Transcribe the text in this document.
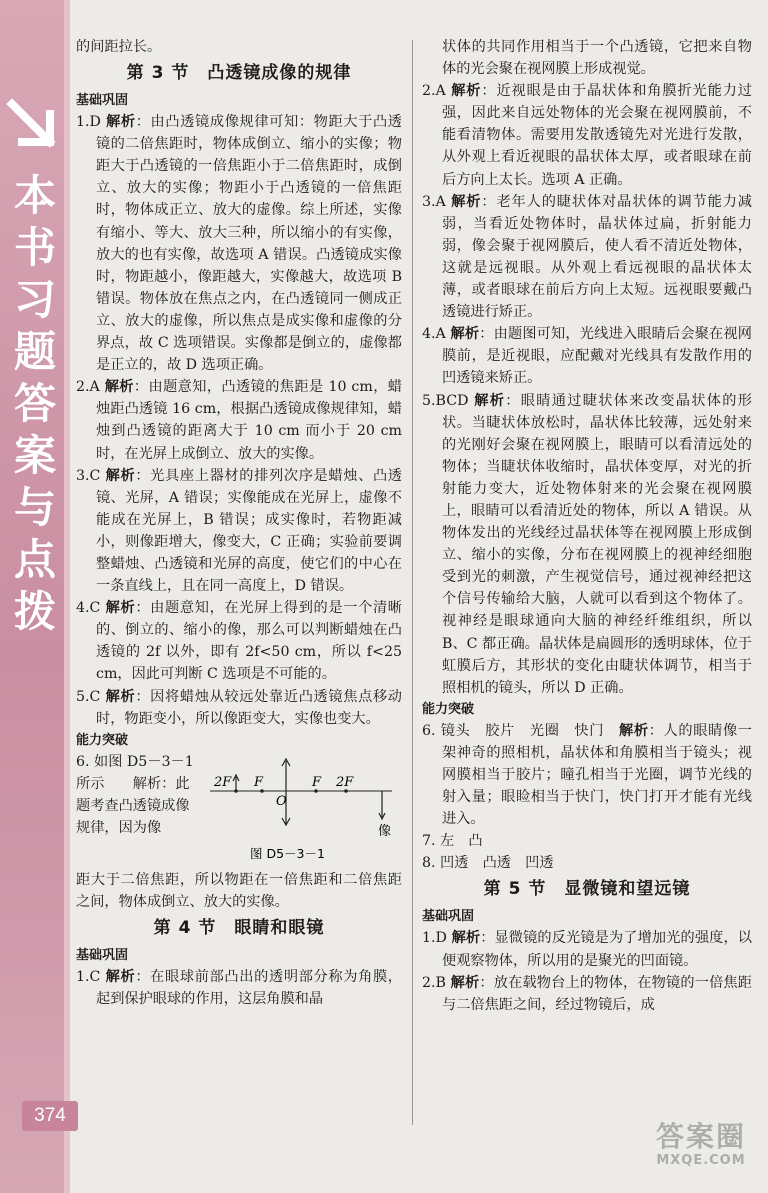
本
书
习
题
答
案
与
点
拨
374
的间距拉长。
第 3 节　凸透镜成像的规律
基础巩固
1.D 解析：由凸透镜成像规律可知：物距大于凸透镜的二倍焦距时，物体成倒立、缩小的实像；物距大于凸透镜的一倍焦距小于二倍焦距时，成倒立、放大的实像；物距小于凸透镜的一倍焦距时，物体成正立、放大的虚像。综上所述，实像有缩小、等大、放大三种，所以缩小的有实像，放大的也有实像，故选项 A 错误。凸透镜成实像时，物距越小，像距越大，实像越大，故选项 B 错误。物体放在焦点之内，在凸透镜同一侧成正立、放大的虚像，所以焦点是成实像和虚像的分界点，故 C 选项错误。实像都是倒立的，虚像都是正立的，故 D 选项正确。
2.A 解析：由题意知，凸透镜的焦距是 10 cm，蜡烛距凸透镜 16 cm，根据凸透镜成像规律知，蜡烛到凸透镜的距离大于 10 cm 而小于 20 cm 时，在光屏上成倒立、放大的实像。
3.C 解析：光具座上器材的排列次序是蜡烛、凸透镜、光屏，A 错误；实像能成在光屏上，虚像不能成在光屏上，B 错误；成实像时，若物距减小，则像距增大，像变大，C 正确；实验前要调整蜡烛、凸透镜和光屏的高度，使它们的中心在一条直线上，且在同一高度上，D 错误。
4.C 解析：由题意知，在光屏上得到的是一个清晰的、倒立的、缩小的像，那么可以判断蜡烛在凸透镜的 2f 以外，即有 2f<50 cm，所以 f<25 cm，因此可判断 C 选项是不可能的。
5.C 解析：因将蜡烛从较远处靠近凸透镜焦点移动时，物距变小，所以像距变大，实像也变大。
能力突破
6. 如图 D5－3－1 所示　　解析：此题考查凸透镜成像规律，因为像
2F F
O
F 2F
像
图 D5－3－1
距大于二倍焦距，所以物距在一倍焦距和二倍焦距之间，物体成倒立、放大的实像。
第 4 节　眼睛和眼镜
基础巩固
1.C 解析：在眼球前部凸出的透明部分称为角膜，起到保护眼球的作用，这层角膜和晶
状体的共同作用相当于一个凸透镜，它把来自物体的光会聚在视网膜上形成视觉。
2.A 解析：近视眼是由于晶状体和角膜折光能力过强，因此来自远处物体的光会聚在视网膜前，不能看清物体。需要用发散透镜先对光进行发散，从外观上看近视眼的晶状体太厚，或者眼球在前后方向上太长。选项 A 正确。
3.A 解析：老年人的睫状体对晶状体的调节能力减弱，当看近处物体时，晶状体过扁，折射能力弱，像会聚于视网膜后，使人看不清近处物体，这就是远视眼。从外观上看远视眼的晶状体太薄，或者眼球在前后方向上太短。远视眼要戴凸透镜进行矫正。
4.A 解析：由题图可知，光线进入眼睛后会聚在视网膜前，是近视眼，应配戴对光线具有发散作用的凹透镜来矫正。
5.BCD 解析：眼睛通过睫状体来改变晶状体的形状。当睫状体放松时，晶状体比较薄，远处射来的光刚好会聚在视网膜上，眼睛可以看清远处的物体；当睫状体收缩时，晶状体变厚，对光的折射能力变大，近处物体射来的光会聚在视网膜上，眼睛可以看清近处的物体，所以 A 错误。从物体发出的光线经过晶状体等在视网膜上形成倒立、缩小的实像，分布在视网膜上的视神经细胞受到光的刺激，产生视觉信号，通过视神经把这个信号传输给大脑，人就可以看到这个物体了。视神经是眼球通向大脑的神经纤维组织，所以 B、C 都正确。晶状体是扁圆形的透明球体，位于虹膜后方，其形状的变化由睫状体调节，相当于照相机的镜头，所以 D 正确。
能力突破
6. 镜头　胶片　光圈　快门　解析：人的眼睛像一架神奇的照相机，晶状体和角膜相当于镜头；视网膜相当于胶片；瞳孔相当于光圈，调节光线的射入量；眼睑相当于快门，快门打开才能有光线进入。
7. 左　凸
8. 凹透　凸透　凹透
第 5 节　显微镜和望远镜
基础巩固
1.D 解析：显微镜的反光镜是为了增加光的强度，以便观察物体，所以用的是聚光的凹面镜。
2.B 解析：放在载物台上的物体，在物镜的一倍焦距与二倍焦距之间，经过物镜后，成
答案圈
MXQE.COM
